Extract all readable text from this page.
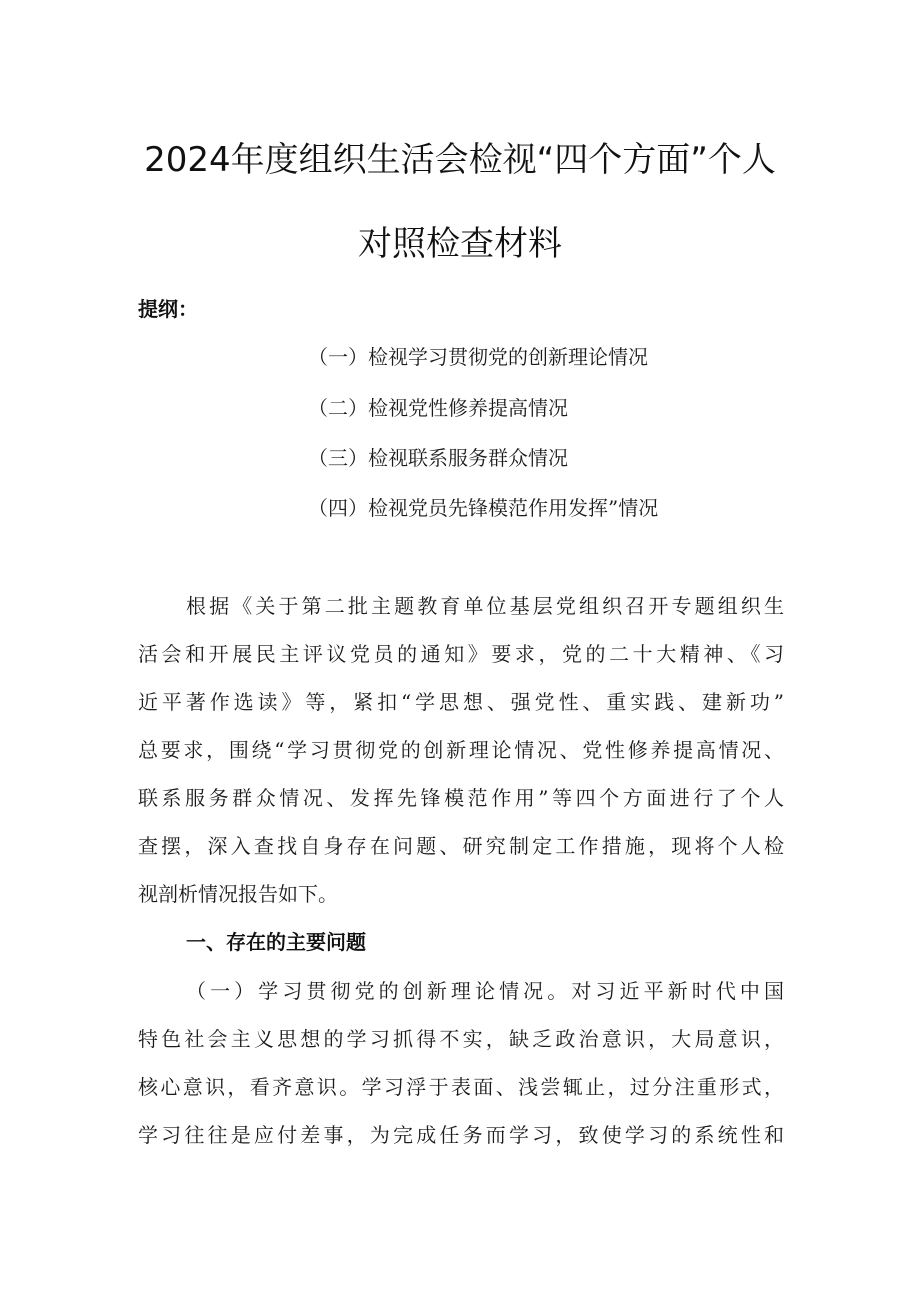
2024年度组织生活会检视“四个方面”个人
对照检查材料
提纲：
（一）检视学习贯彻党的创新理论情况
（二）检视党性修养提高情况
（三）检视联系服务群众情况
（四）检视党员先锋模范作用发挥”情况
根据《关于第二批主题教育单位基层党组织召开专题组织生
活会和开展民主评议党员的通知》要求，党的二十大精神、《习
近平著作选读》等，紧扣“学思想、强党性、重实践、建新功”
总要求，围绕“学习贯彻党的创新理论情况、党性修养提高情况、
联系服务群众情况、发挥先锋模范作用”等四个方面进行了个人
查摆，深入查找自身存在问题、研究制定工作措施，现将个人检
视剖析情况报告如下。
一、存在的主要问题
（一）学习贯彻党的创新理论情况。对习近平新时代中国
特色社会主义思想的学习抓得不实，缺乏政治意识，大局意识，
核心意识，看齐意识。学习浮于表面、浅尝辄止，过分注重形式，
学习往往是应付差事，为完成任务而学习，致使学习的系统性和
